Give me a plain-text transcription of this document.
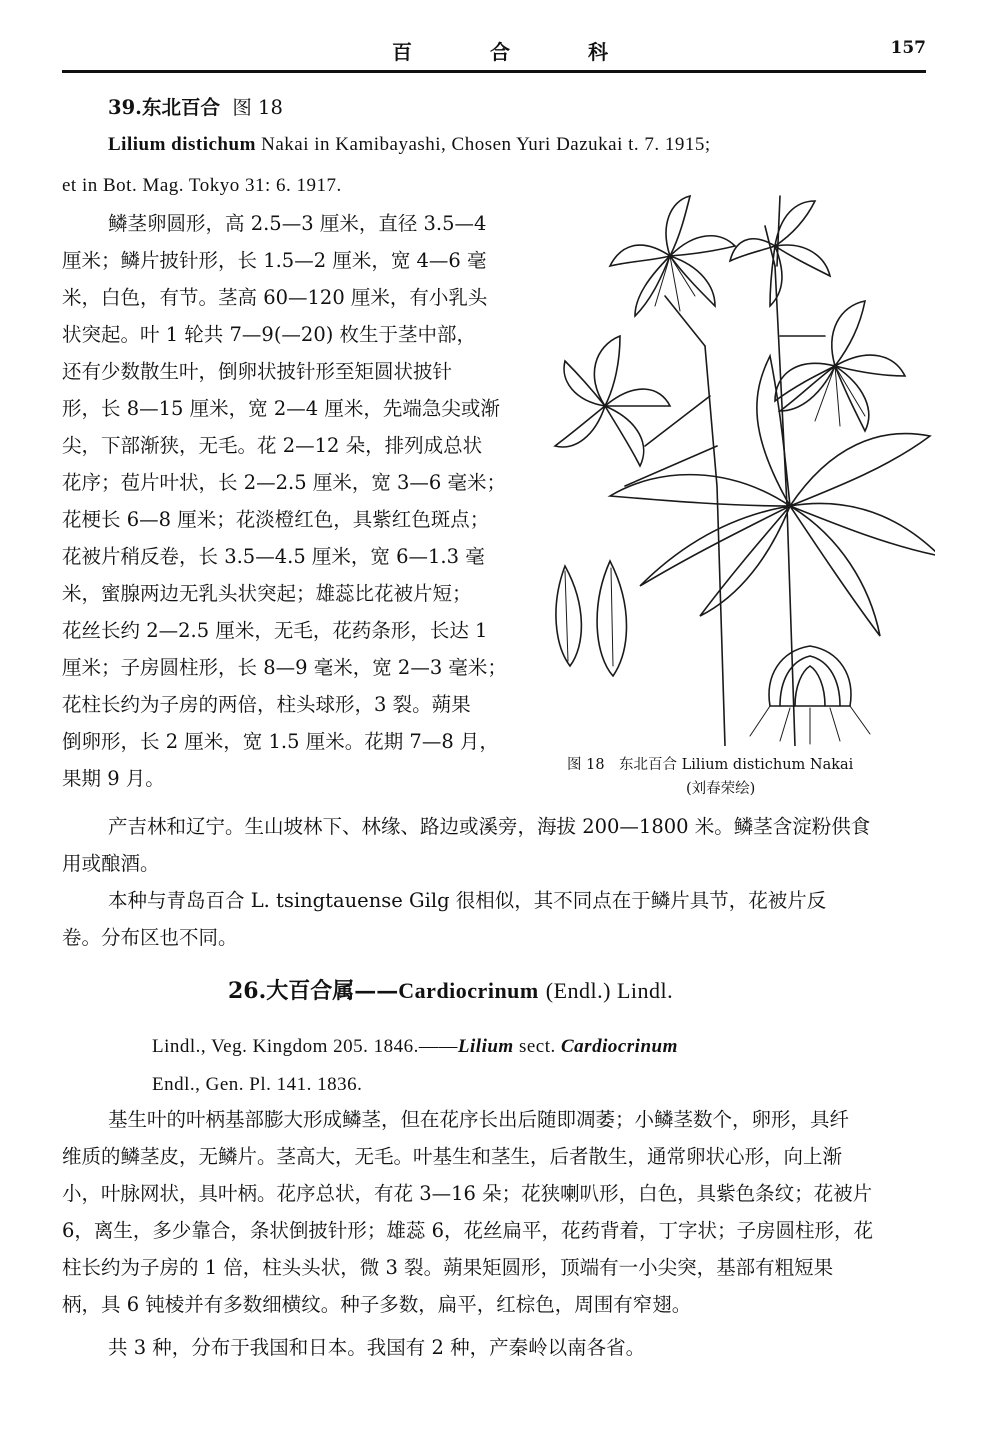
百	合	科	157
39.东北百合 图 18
Lilium distichum Nakai in Kamibayashi, Chosen Yuri Dazukai t. 7. 1915;
et in Bot. Mag. Tokyo 31: 6. 1917.
鳞茎卵圆形，高 2.5—3 厘米，直径 3.5—4
厘米；鳞片披针形，长 1.5—2 厘米，宽 4—6 毫
米，白色，有节。茎高 60—120 厘米，有小乳头
状突起。叶 1 轮共 7—9(—20) 枚生于茎中部，
还有少数散生叶，倒卵状披针形至矩圆状披针
形，长 8—15 厘米，宽 2—4 厘米，先端急尖或渐
尖，下部渐狭，无毛。花 2—12 朵，排列成总状
花序；苞片叶状，长 2—2.5 厘米，宽 3—6 毫米；
花梗长 6—8 厘米；花淡橙红色，具紫红色斑点；
花被片稍反卷，长 3.5—4.5 厘米，宽 6—1.3 毫
米，蜜腺两边无乳头状突起；雄蕊比花被片短；
花丝长约 2—2.5 厘米，无毛，花药条形，长达 1
厘米；子房圆柱形，长 8—9 毫米，宽 2—3 毫米；
花柱长约为子房的两倍，柱头球形，3 裂。蒴果
倒卵形，长 2 厘米，宽 1.5 厘米。花期 7—8 月，
果期 9 月。
图 18　东北百合 Lilium distichum Nakai
(刘春荣绘)
产吉林和辽宁。生山坡林下、林缘、路边或溪旁，海拔 200—1800 米。鳞茎含淀粉供食
用或酿酒。
本种与青岛百合 L. tsingtauense Gilg 很相似，其不同点在于鳞片具节，花被片反
卷。分布区也不同。
26.大百合属——Cardiocrinum (Endl.) Lindl.
Lindl., Veg. Kingdom 205. 1846.——Lilium sect. Cardiocrinum
Endl., Gen. Pl. 141. 1836.
基生叶的叶柄基部膨大形成鳞茎，但在花序长出后随即凋萎；小鳞茎数个，卵形，具纤
维质的鳞茎皮，无鳞片。茎高大，无毛。叶基生和茎生，后者散生，通常卵状心形，向上渐
小，叶脉网状，具叶柄。花序总状，有花 3—16 朵；花狭喇叭形，白色，具紫色条纹；花被片
6，离生，多少靠合，条状倒披针形；雄蕊 6，花丝扁平，花药背着，丁字状；子房圆柱形，花
柱长约为子房的 1 倍，柱头头状，微 3 裂。蒴果矩圆形，顶端有一小尖突，基部有粗短果
柄，具 6 钝棱并有多数细横纹。种子多数，扁平，红棕色，周围有窄翅。
共 3 种，分布于我国和日本。我国有 2 种，产秦岭以南各省。
